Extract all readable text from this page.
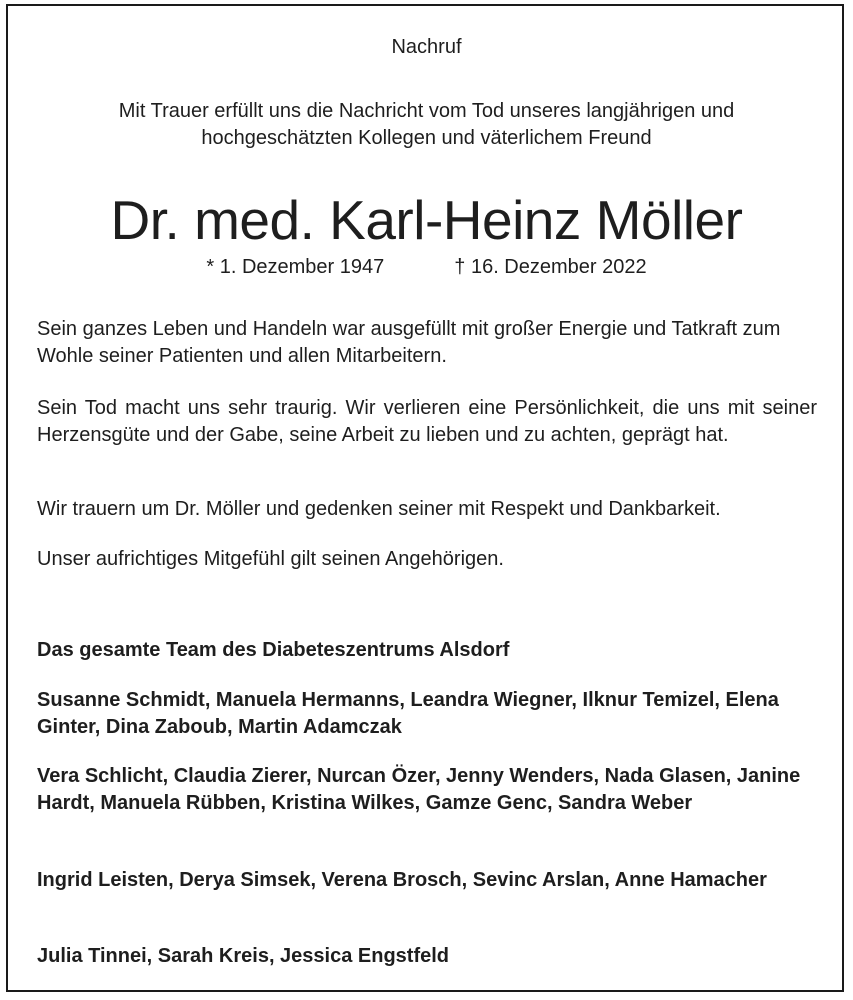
Nachruf
Mit Trauer erfüllt uns die Nachricht vom Tod unseres langjährigen und
hochgeschätzten Kollegen und väterlichem Freund
Dr. med. Karl-Heinz Möller
* 1. Dezember 1947	† 16. Dezember 2022
Sein ganzes Leben und Handeln war ausgefüllt mit großer Energie und Tatkraft zum Wohle seiner Patienten und allen Mitarbeitern.
Sein Tod macht uns sehr traurig. Wir verlieren eine Persönlichkeit, die uns mit seiner Herzensgüte und der Gabe, seine Arbeit zu lieben und zu achten, geprägt hat.
Wir trauern um Dr. Möller und gedenken seiner mit Respekt und Dankbarkeit.
Unser aufrichtiges Mitgefühl gilt seinen Angehörigen.
Das gesamte Team des Diabeteszentrums Alsdorf
Susanne Schmidt, Manuela Hermanns, Leandra Wiegner, Ilknur Temizel, Elena Ginter, Dina Zaboub, Martin Adamczak
Vera Schlicht, Claudia Zierer, Nurcan Özer, Jenny Wenders, Nada Glasen, Janine Hardt, Manuela Rübben, Kristina Wilkes, Gamze Genc, Sandra Weber
Ingrid Leisten, Derya Simsek, Verena Brosch, Sevinc Arslan, Anne Hamacher
Julia Tinnei, Sarah Kreis, Jessica Engstfeld
